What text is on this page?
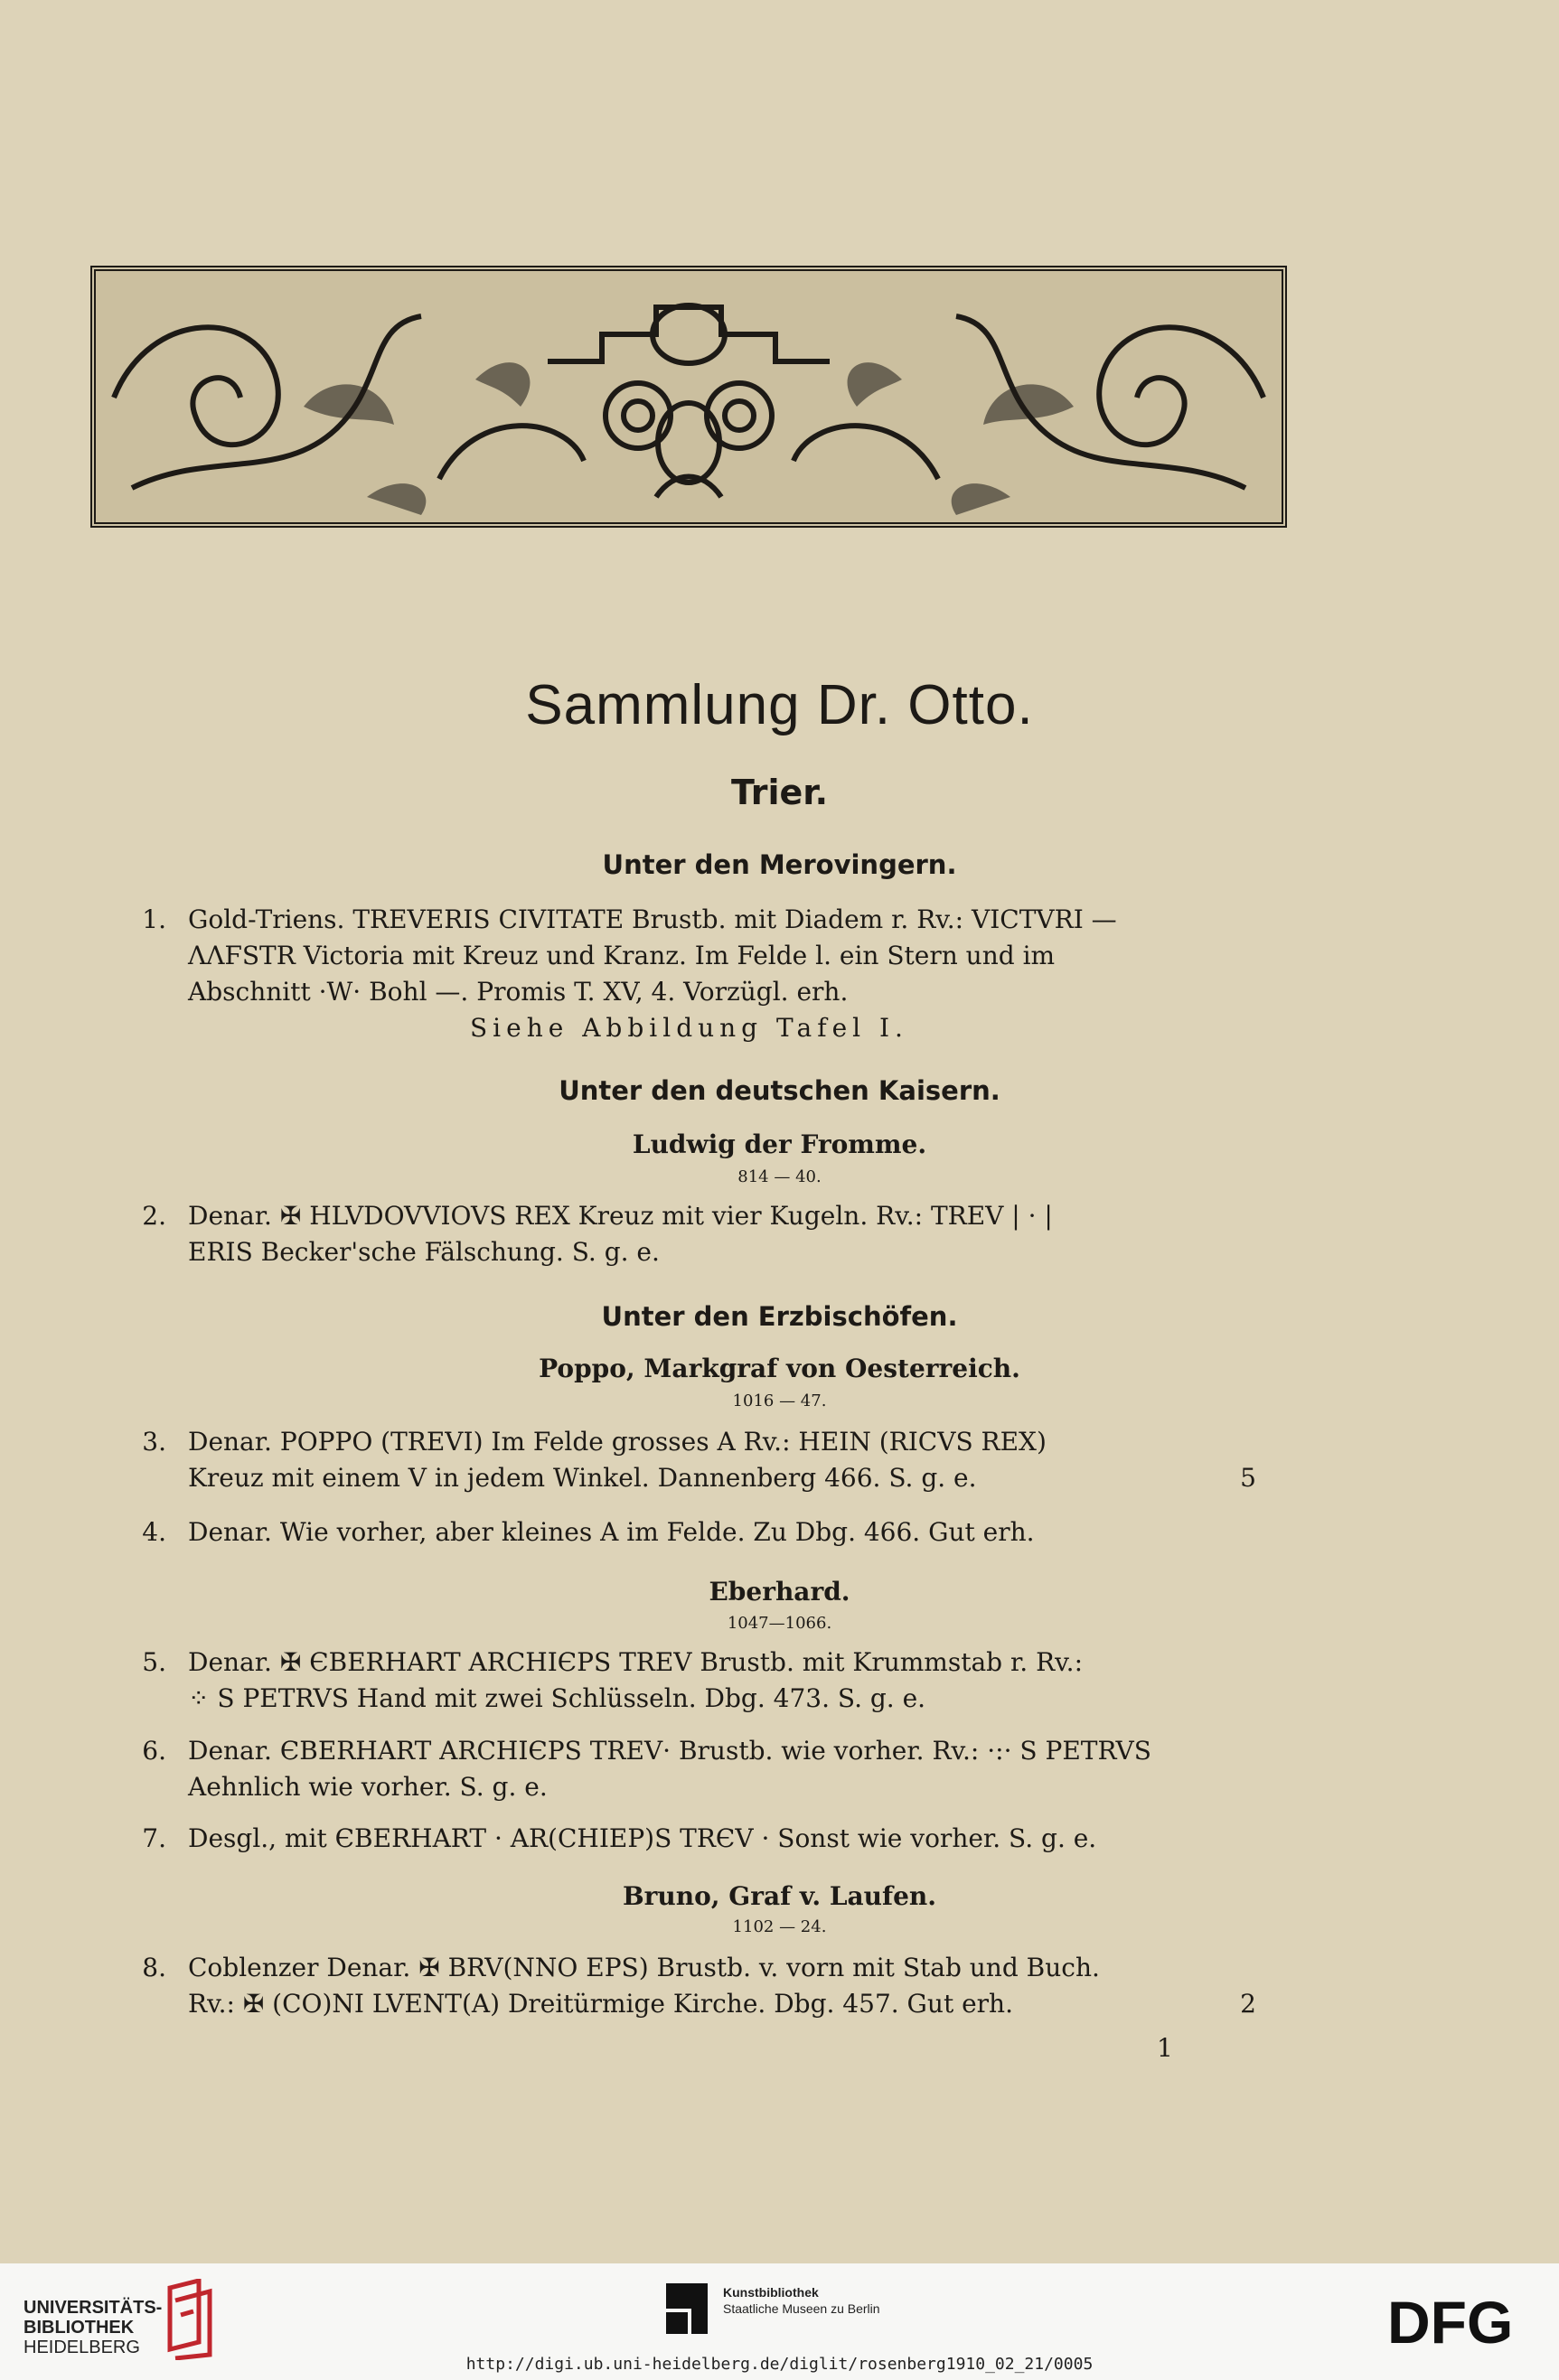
Sammlung Dr. Otto.
Trier.
Unter den Merovingern.
1. Gold-Triens. TREVERIS CIVITATE Brustb. mit Diadem r. Rv.: VICTVRI —
ΛΛϜSTR Victoria mit Kreuz und Kranz. Im Felde l. ein Stern und im
Abschnitt ·W· Bohl —. Promis T. XV, 4. Vorzügl. erh.
Siehe Abbildung Tafel I.
Unter den deutschen Kaisern.
Ludwig der Fromme.
814 — 40.
2. Denar. ✠ HLVDOVVIOVS REX Kreuz mit vier Kugeln. Rv.: TREV | · |
ERIS Becker'sche Fälschung. S. g. e.
Unter den Erzbischöfen.
Poppo, Markgraf von Oesterreich.
1016 — 47.
3. Denar. POPPO (TREVI) Im Felde grosses A Rv.: HEIN (RICVS REX)
Kreuz mit einem V in jedem Winkel. Dannenberg 466. S. g. e.	5
4. Denar. Wie vorher, aber kleines A im Felde. Zu Dbg. 466. Gut erh.
Eberhard.
1047—1066.
5. Denar. ✠ ЄBERHART ARCHIЄPS TREV Brustb. mit Krummstab r. Rv.:
⁘ S PETRVS Hand mit zwei Schlüsseln. Dbg. 473. S. g. e.
6. Denar. ЄBERHART ARCHIЄPS TREV· Brustb. wie vorher. Rv.: ·:· S PETRVS
Aehnlich wie vorher. S. g. e.
7. Desgl., mit ЄBERHART · AR(CHIEP)S TRЄV · Sonst wie vorher. S. g. e.
Bruno, Graf v. Laufen.
1102 — 24.
8. Coblenzer Denar. ✠ BRV(NNO EPS) Brustb. v. vorn mit Stab und Buch.
Rv.: ✠ (CO)NI LVENT(A) Dreitürmige Kirche. Dbg. 457. Gut erh.	2
1
UNIVERSITÄTS-
BIBLIOTHEK
HEIDELBERG
Kunstbibliothek
Staatliche Museen zu Berlin	DFG
http://digi.ub.uni-heidelberg.de/diglit/rosenberg1910_02_21/0005
